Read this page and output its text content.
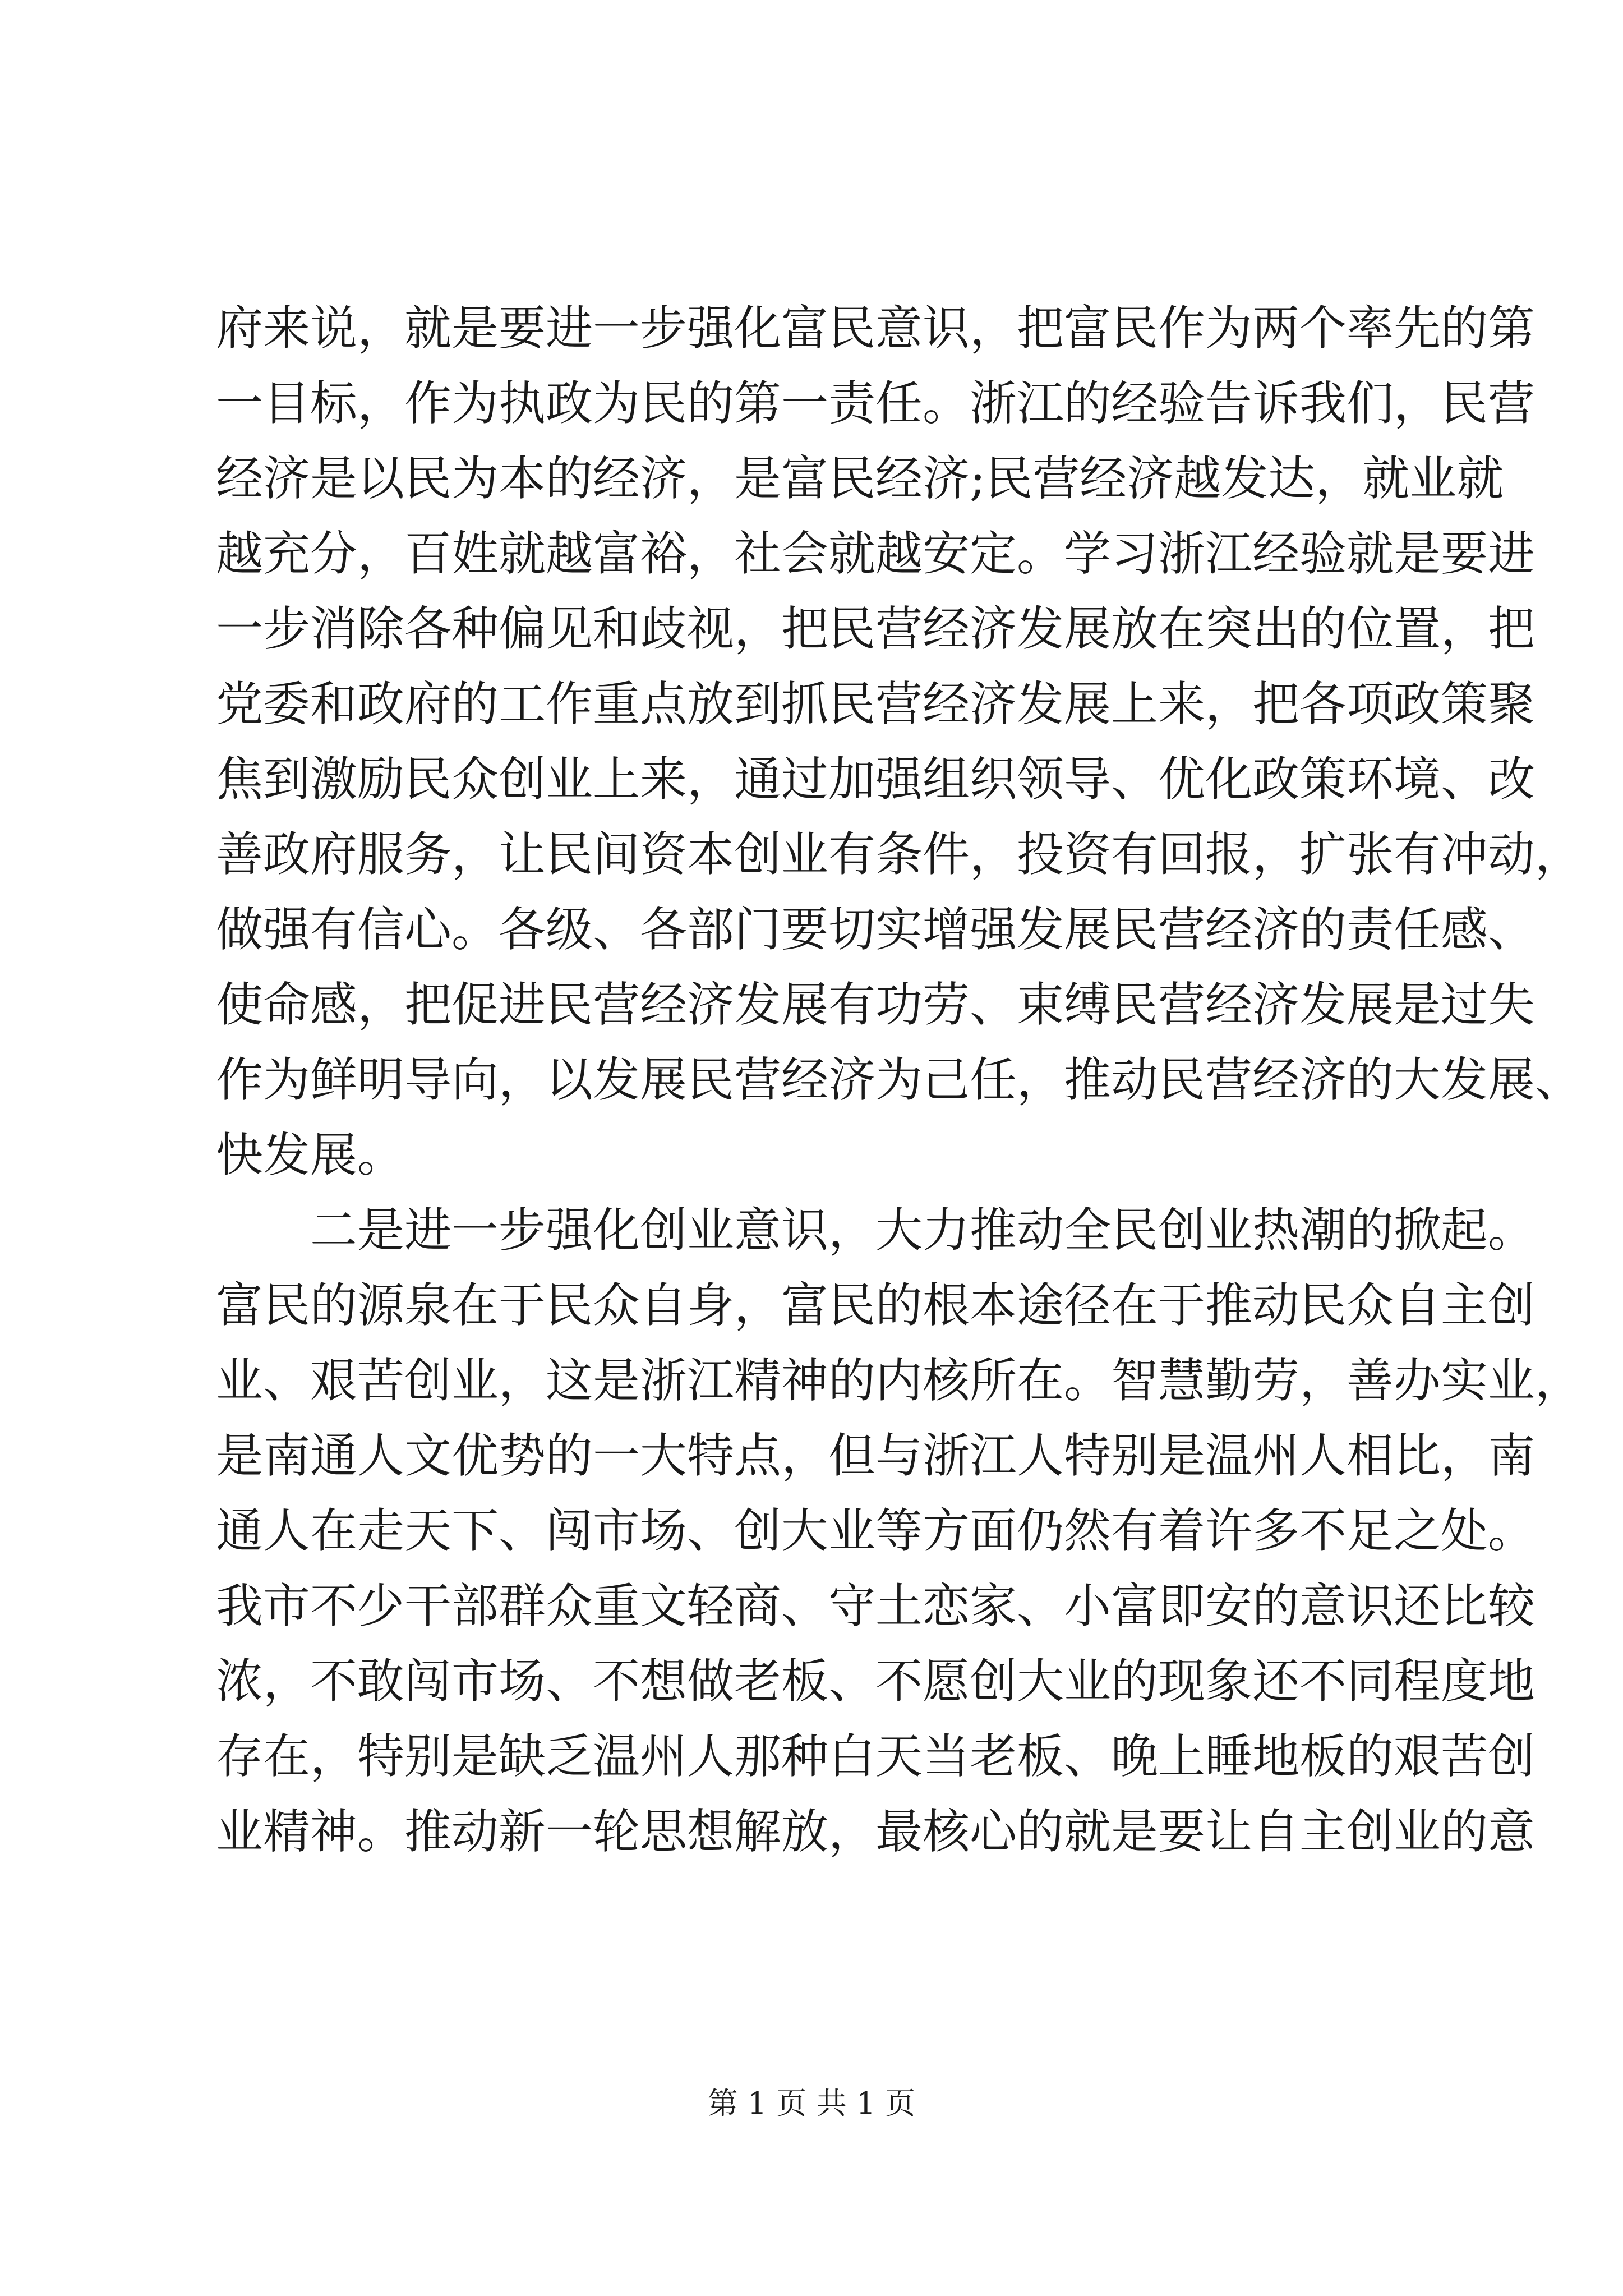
府来说，就是要进一步强化富民意识，把富民作为两个率先的第
一目标，作为执政为民的第一责任。浙江的经验告诉我们，民营
经济是以民为本的经济，是富民经济;民营经济越发达，就业就
越充分，百姓就越富裕，社会就越安定。学习浙江经验就是要进
一步消除各种偏见和歧视，把民营经济发展放在突出的位置，把
党委和政府的工作重点放到抓民营经济发展上来，把各项政策聚
焦到激励民众创业上来，通过加强组织领导、优化政策环境、改
善政府服务，让民间资本创业有条件，投资有回报，扩张有冲动，
做强有信心。各级、各部门要切实增强发展民营经济的责任感、
使命感，把促进民营经济发展有功劳、束缚民营经济发展是过失
作为鲜明导向，以发展民营经济为己任，推动民营经济的大发展、
快发展。
　　二是进一步强化创业意识，大力推动全民创业热潮的掀起。
富民的源泉在于民众自身，富民的根本途径在于推动民众自主创
业、艰苦创业，这是浙江精神的内核所在。智慧勤劳，善办实业，
是南通人文优势的一大特点，但与浙江人特别是温州人相比，南
通人在走天下、闯市场、创大业等方面仍然有着许多不足之处。
我市不少干部群众重文轻商、守土恋家、小富即安的意识还比较
浓，不敢闯市场、不想做老板、不愿创大业的现象还不同程度地
存在，特别是缺乏温州人那种白天当老板、晚上睡地板的艰苦创
业精神。推动新一轮思想解放，最核心的就是要让自主创业的意
第 1 页 共 1 页
